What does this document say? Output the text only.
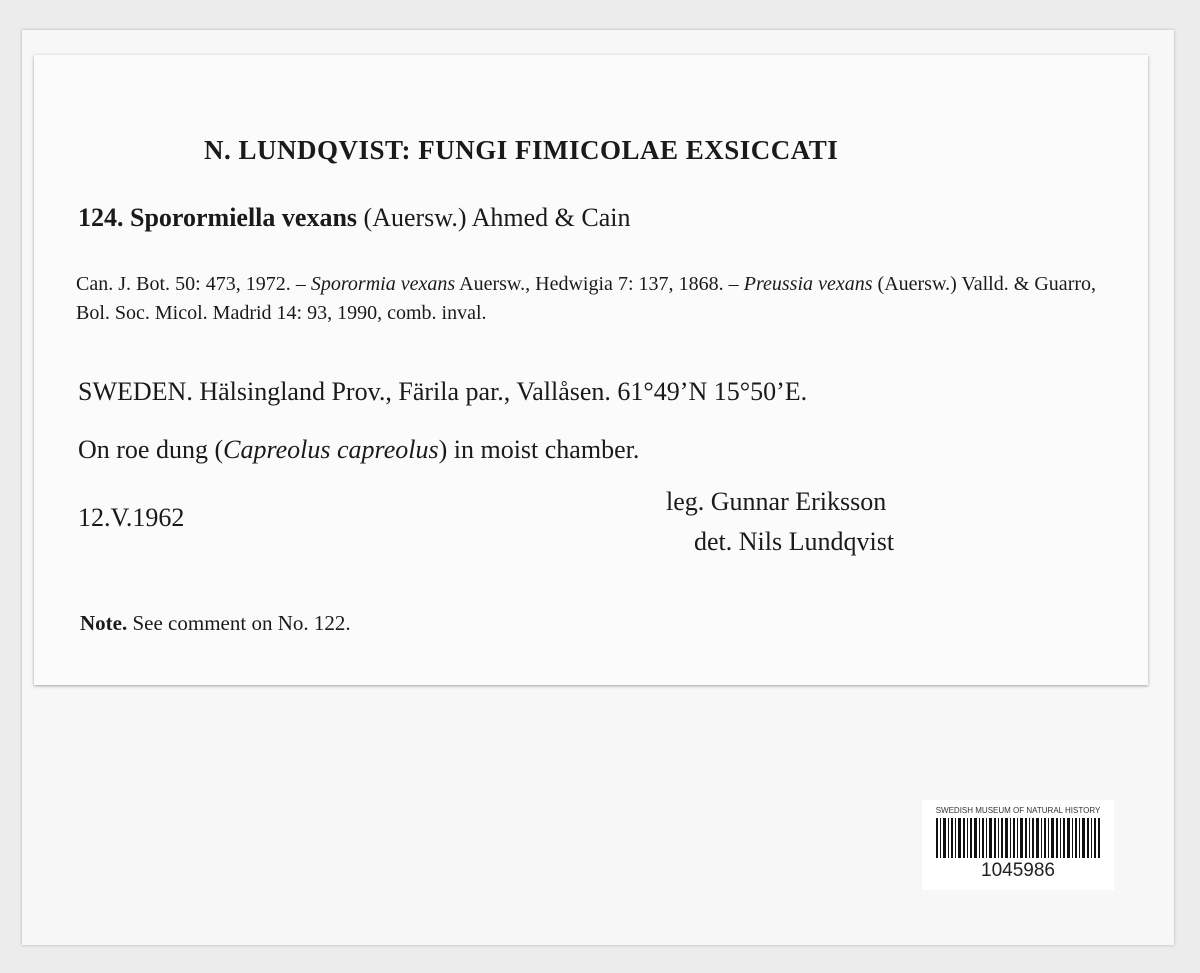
N. LUNDQVIST: FUNGI FIMICOLAE EXSICCATI
124. Sporormiella vexans (Auersw.) Ahmed & Cain
Can. J. Bot. 50: 473, 1972. – Sporormia vexans Auersw., Hedwigia 7: 137, 1868. – Preussia vexans (Auersw.) Valld. & Guarro, Bol. Soc. Micol. Madrid 14: 93, 1990, comb. inval.
SWEDEN. Hälsingland Prov., Färila par., Vallåsen. 61°49’N 15°50’E.
On roe dung (Capreolus capreolus) in moist chamber.
12.V.1962
leg. Gunnar Eriksson
det. Nils Lundqvist
Note. See comment on No. 122.
SWEDISH MUSEUM OF NATURAL HISTORY
1045986
